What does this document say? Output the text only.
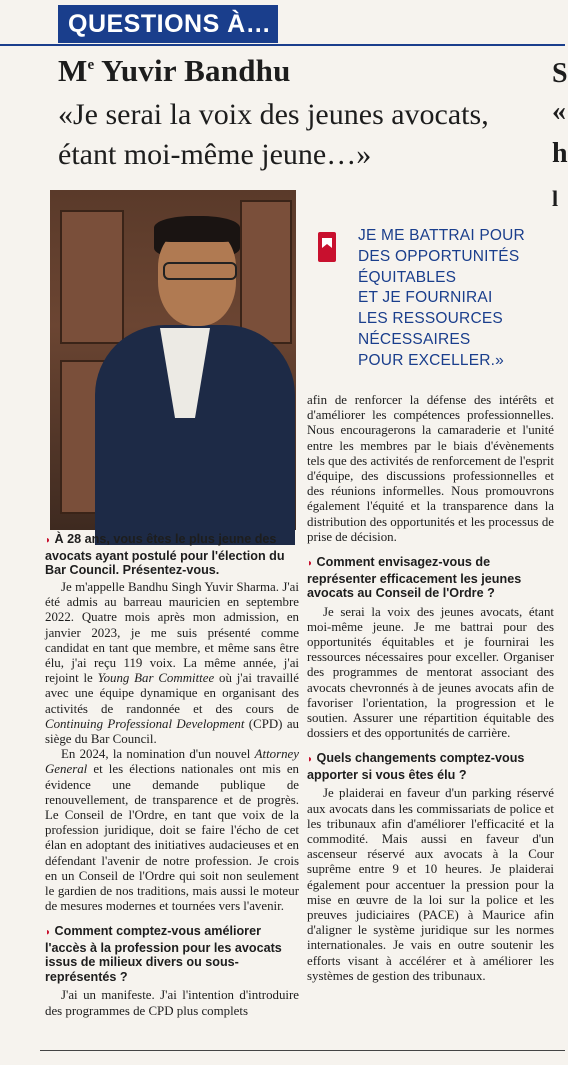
QUESTIONS À…
Me Yuvir Bandhu
«Je serai la voix des jeunes avocats,
étant moi-même jeune…»
S
«
h
l
JE ME BATTRAI POUR
DES OPPORTUNITÉS
ÉQUITABLES
ET JE FOURNIRAI
LES RESSOURCES
NÉCESSAIRES
POUR EXCELLER.»
◗ À 28 ans, vous êtes le plus jeune des avocats ayant postulé pour l'élection du Bar Council. Présentez-vous.

Je m'appelle Bandhu Singh Yuvir Sharma. J'ai été admis au barreau mauricien en septembre 2022. Quatre mois après mon admission, en janvier 2023, je me suis présenté comme candidat en tant que membre, et même sans être élu, j'ai reçu 119 voix. La même année, j'ai rejoint le Young Bar Committee où j'ai travaillé avec une équipe dynamique en organisant des activités de randonnée et des cours de Continuing Professional Development (CPD) au siège du Bar Council.

En 2024, la nomination d'un nouvel Attorney General et les élections nationales ont mis en évidence une demande publique de renouvellement, de transparence et de progrès. Le Conseil de l'Ordre, en tant que voix de la profession juridique, doit se faire l'écho de cet élan en adoptant des initiatives audacieuses et en défendant l'avenir de notre profession. Je crois en un Conseil de l'Ordre qui soit non seulement le gardien de nos traditions, mais aussi le moteur de mesures modernes et tournées vers l'avenir.

◗ Comment comptez-vous améliorer l'accès à la profession pour les avocats issus de milieux divers ou sous-représentés ?

J'ai un manifeste. J'ai l'intention d'introduire des programmes de CPD plus complets

afin de renforcer la défense des intérêts et d'améliorer les compétences professionnelles. Nous encouragerons la camaraderie et l'unité entre les membres par le biais d'évènements tels que des activités de renforcement de l'esprit d'équipe, des discussions professionnelles et des réunions informelles. Nous promouvrons également l'équité et la transparence dans la distribution des opportunités et les processus de prise de décision.

◗ Comment envisagez-vous de représenter efficacement les jeunes avocats au Conseil de l'Ordre ?

Je serai la voix des jeunes avocats, étant moi-même jeune. Je me battrai pour des opportunités équitables et je fournirai les ressources nécessaires pour exceller. Organiser des programmes de mentorat associant des avocats chevronnés à de jeunes avocats afin de favoriser l'orientation, la progression et le soutien. Assurer une répartition équitable des dossiers et des opportunités de carrière.

◗ Quels changements comptez-vous apporter si vous êtes élu ?

Je plaiderai en faveur d'un parking réservé aux avocats dans les commissariats de police et les tribunaux afin d'améliorer l'efficacité et la commodité. Mais aussi en faveur d'un ascenseur réservé aux avocats à la Cour suprême entre 9 et 10 heures. Je plaiderai également pour accentuer la pression pour la mise en œuvre de la loi sur la police et les preuves judiciaires (PACE) à Maurice afin d'aligner le système juridique sur les normes internationales. Je vais en outre soutenir les efforts visant à accélérer et à améliorer les systèmes de gestion des tribunaux.
